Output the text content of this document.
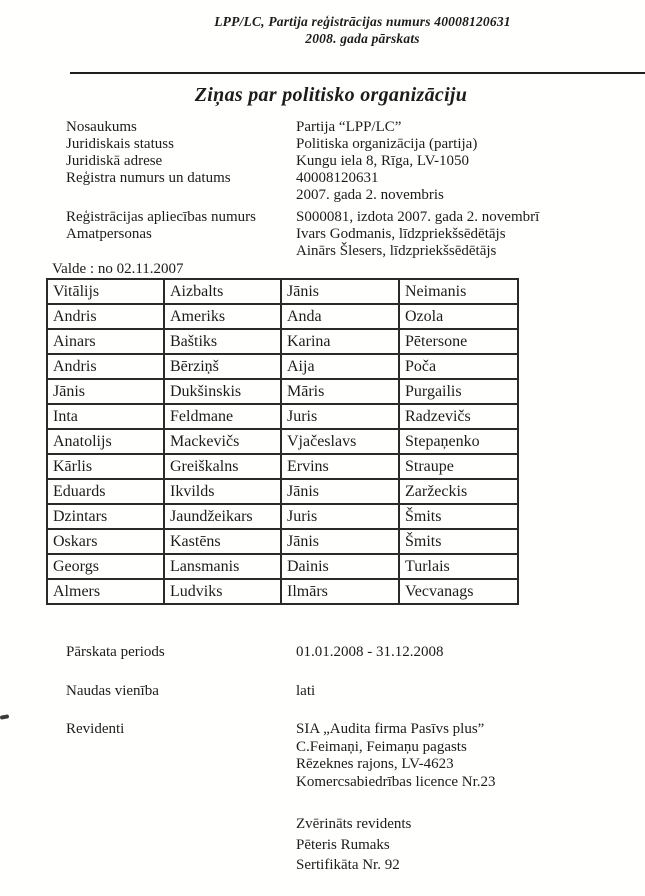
LPP/LC, Partija reģistrācijas numurs 40008120631
2008. gada pārskats
Ziņas par politisko organizāciju
Nosaukums	Partija “LPP/LC”
Juridiskais statuss	Politiska organizācija (partija)
Juridiskā adrese	Kungu iela 8, Rīga, LV-1050
Reģistra numurs un datums	40008120631
2007. gada 2. novembris
Reģistrācijas apliecības numurs	S000081, izdota 2007. gada 2. novembrī
Amatpersonas	Ivars Godmanis, līdzpriekšsēdētājs
Ainārs Šlesers, līdzpriekšsēdētājs
Valde : no 02.11.2007
Vitālijs	Aizbalts	Jānis	Neimanis
Andris	Ameriks	Anda	Ozola
Ainars	Baštiks	Karina	Pētersone
Andris	Bērziņš	Aija	Poča
Jānis	Dukšinskis	Māris	Purgailis
Inta	Feldmane	Juris	Radzevičs
Anatolijs	Mackevičs	Vjačeslavs	Stepaņenko
Kārlis	Greiškalns	Ervins	Straupe
Eduards	Ikvilds	Jānis	Zaržeckis
Dzintars	Jaundžeikars	Juris	Šmits
Oskars	Kastēns	Jānis	Šmits
Georgs	Lansmanis	Dainis	Turlais
Almers	Ludviks	Ilmārs	Vecvanags
Pārskata periods	01.01.2008 - 31.12.2008
Naudas vienība	lati
Revidenti	SIA „Audita firma Pasīvs plus”
C.Feimaņi, Feimaņu pagasts
Rēzeknes rajons, LV-4623
Komercsabiedrības licence Nr.23
Zvērināts revidents
Pēteris Rumaks
Sertifikāta Nr. 92
